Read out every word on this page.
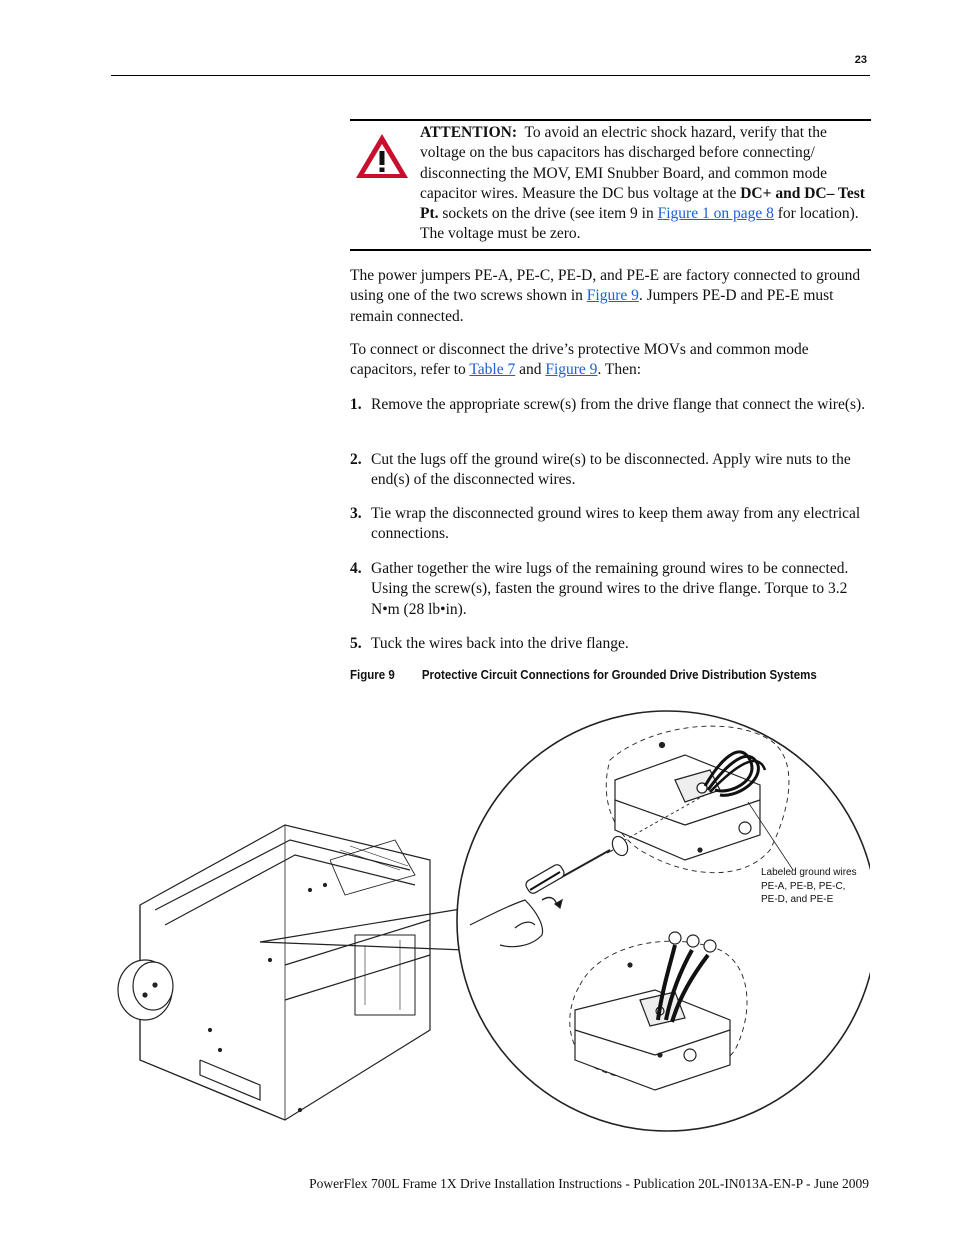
23
ATTENTION: To avoid an electric shock hazard, verify that the voltage on the bus capacitors has discharged before connecting/ disconnecting the MOV, EMI Snubber Board, and common mode capacitor wires. Measure the DC bus voltage at the DC+ and DC– Test Pt. sockets on the drive (see item 9 in Figure 1 on page 8 for location). The voltage must be zero.
The power jumpers PE-A, PE-C, PE-D, and PE-E are factory connected to ground using one of the two screws shown in Figure 9. Jumpers PE-D and PE-E must remain connected.
To connect or disconnect the drive’s protective MOVs and common mode capacitors, refer to Table 7 and Figure 9. Then:
1. Remove the appropriate screw(s) from the drive flange that connect the wire(s).
2. Cut the lugs off the ground wire(s) to be disconnected. Apply wire nuts to the end(s) of the disconnected wires.
3. Tie wrap the disconnected ground wires to keep them away from any electrical connections.
4. Gather together the wire lugs of the remaining ground wires to be connected. Using the screw(s), fasten the ground wires to the drive flange. Torque to 3.2 N•m (28 lb•in).
5. Tuck the wires back into the drive flange.
Figure 9 Protective Circuit Connections for Grounded Drive Distribution Systems
Labeled ground wires PE-A, PE-B, PE-C, PE-D, and PE-E
PowerFlex 700L Frame 1X Drive Installation Instructions - Publication 20L-IN013A-EN-P - June 2009
